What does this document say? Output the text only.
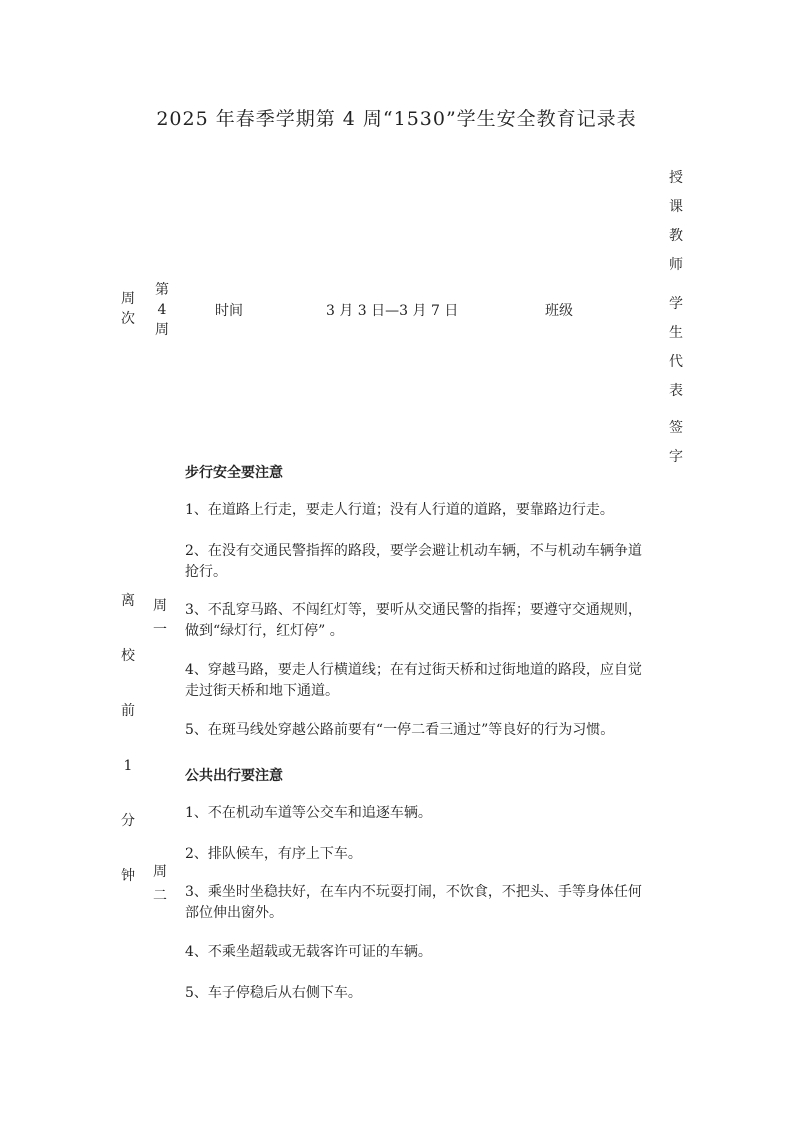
2025 年春季学期第 4 周“1530”学生安全教育记录表
周
次
第
4
周
时间	3 月 3 日—3 月 7 日	班级
授
课
教
师
学
生
代
表
签
字
离
校
前
1
分
钟
周
一
周
二
步行安全要注意
1、在道路上行走，要走人行道；没有人行道的道路，要靠路边行走。
2、在没有交通民警指挥的路段，要学会避让机动车辆，不与机动车辆争道抢行。
3、不乱穿马路、不闯红灯等，要听从交通民警的指挥；要遵守交通规则，做到“绿灯行，红灯停” 。
4、穿越马路，要走人行横道线；在有过街天桥和过街地道的路段，应自觉走过街天桥和地下通道。
5、在斑马线处穿越公路前要有“一停二看三通过”等良好的行为习惯。
公共出行要注意
1、不在机动车道等公交车和追逐车辆。
2、排队候车，有序上下车。
3、乘坐时坐稳扶好，在车内不玩耍打闹，不饮食，不把头、手等身体任何部位伸出窗外。
4、不乘坐超载或无载客许可证的车辆。
5、车子停稳后从右侧下车。
